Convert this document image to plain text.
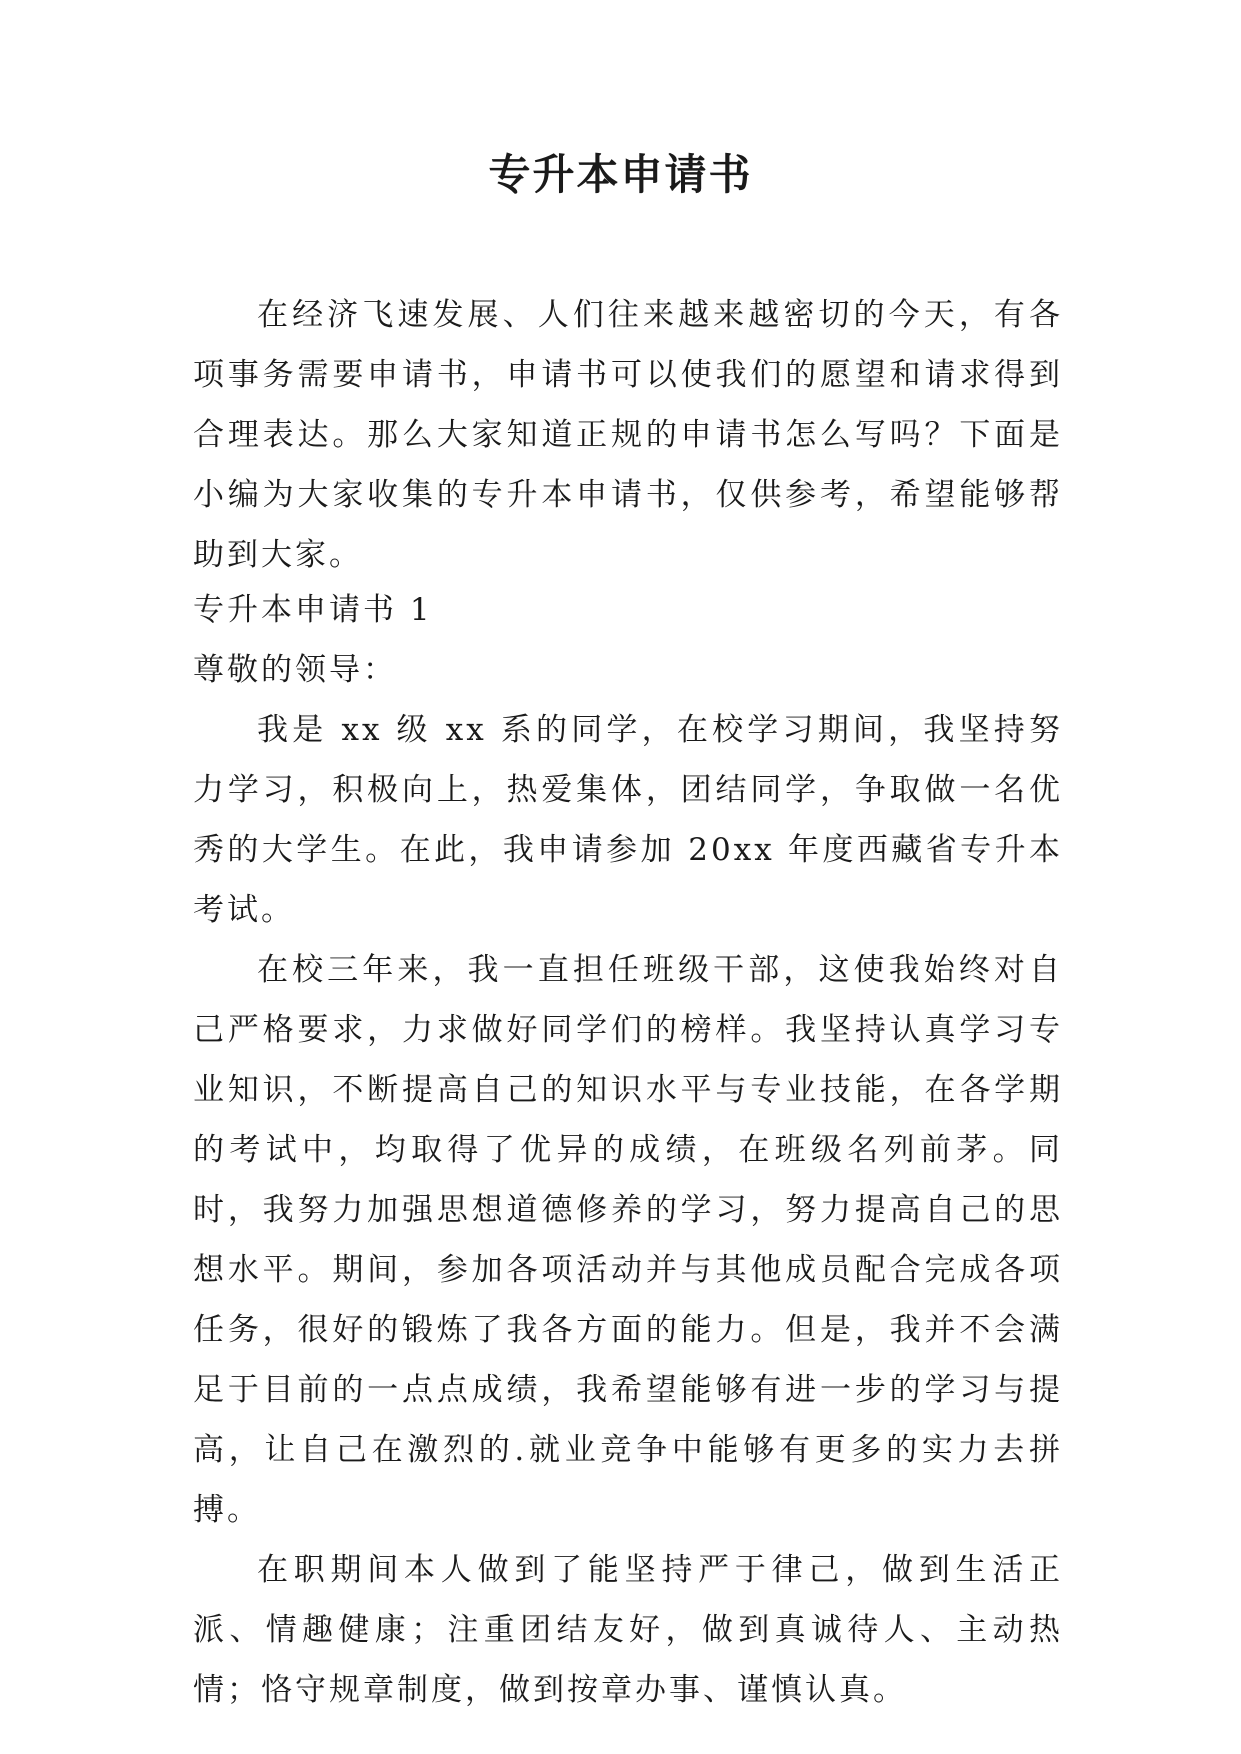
专升本申请书

在经济飞速发展、人们往来越来越密切的今天，有各项事务需要申请书，申请书可以使我们的愿望和请求得到合理表达。那么大家知道正规的申请书怎么写吗？下面是小编为大家收集的专升本申请书，仅供参考，希望能够帮助到大家。

专升本申请书 1

尊敬的领导：

我是 xx 级 xx 系的同学，在校学习期间，我坚持努力学习，积极向上，热爱集体，团结同学，争取做一名优秀的大学生。在此，我申请参加 20xx 年度西藏省专升本考试。

在校三年来，我一直担任班级干部，这使我始终对自己严格要求，力求做好同学们的榜样。我坚持认真学习专业知识，不断提高自己的知识水平与专业技能，在各学期的考试中，均取得了优异的成绩，在班级名列前茅。同时，我努力加强思想道德修养的学习，努力提高自己的思想水平。期间，参加各项活动并与其他成员配合完成各项任务，很好的锻炼了我各方面的能力。但是，我并不会满足于目前的一点点成绩，我希望能够有进一步的学习与提高，让自己在激烈的.就业竞争中能够有更多的实力去拼搏。

在职期间本人做到了能坚持严于律己，做到生活正派、情趣健康；注重团结友好，做到真诚待人、主动热情；恪守规章制度，做到按章办事、谨慎认真。
